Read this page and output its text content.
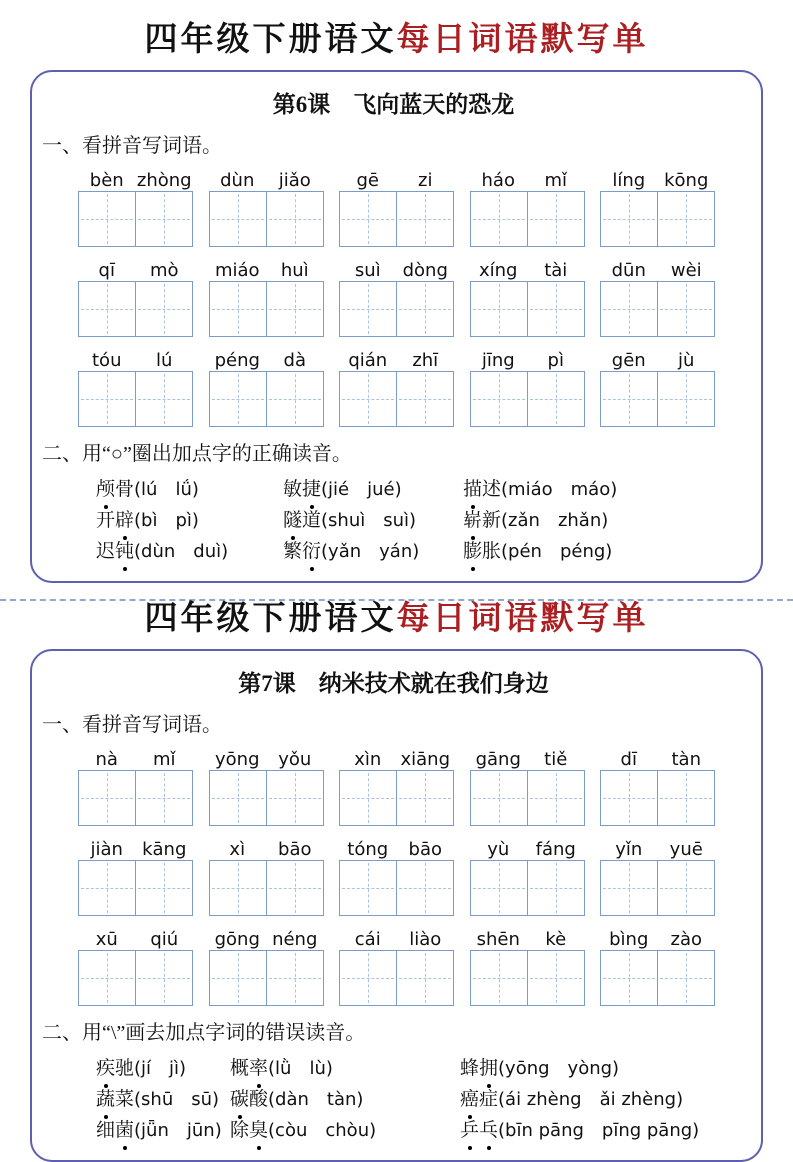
四年级下册语文每日词语默写单
第6课　飞向蓝天的恐龙
一、看拼音写词语。
bèn zhòng	dùn	jiǎo	gē	zi	háo	mǐ	líng	kōng
qī	mò	miáo	huì	suì	dòng	xíng	tài	dūn	wèi
tóu	lú	péng	dà	qián	zhī	jīng	pì	gēn	jù
二、用“○”圈出加点字的正确读音。
颅骨(lú　lǘ)	敏捷(jié　jué)	描述(miáo　máo)
开辟(bì　pì)	隧道(shuì　suì)	崭新(zǎn　zhǎn)
迟钝(dùn　duì)	繁衍(yǎn　yán)	膨胀(pén　péng)
四年级下册语文每日词语默写单
第7课　纳米技术就在我们身边
一、看拼音写词语。
nà	mǐ	yōng	yǒu	xìn	xiāng	gāng	tiě	dī	tàn
jiàn	kāng	xì	bāo	tóng	bāo	yù	fáng	yǐn	yuē
xū	qiú	gōng néng	cái	liào	shēn	kè	bìng	zào
二、用“\”画去加点字词的错误读音。
疾驰(jí　jì)	概率(lǜ　lù)	蜂拥(yōng　yòng)
蔬菜(shū　sū) 碳酸(dàn　tàn)	癌症(ái zhèng　ǎi zhèng)
细菌(jǖn　jūn) 除臭(còu　chòu)	乒乓(bīn pāng　pīng pāng)
